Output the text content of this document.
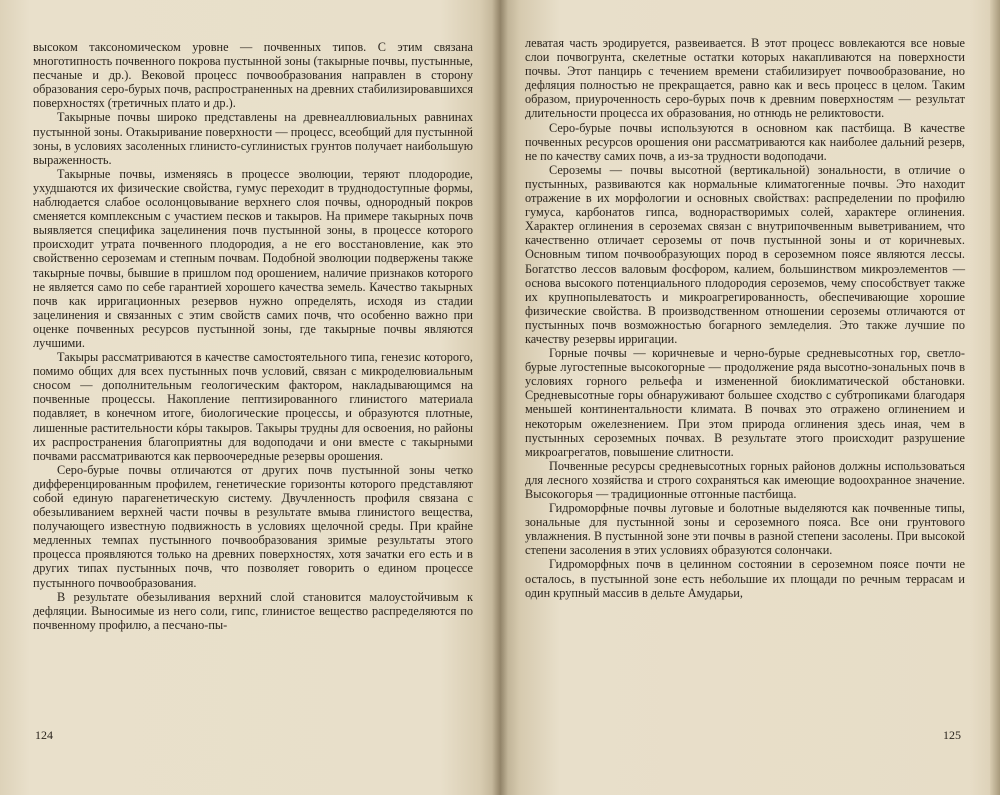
высоком таксономическом уровне — почвенных типов. С этим связана многотипность почвенного покрова пустынной зоны (такырные почвы, пустынные, песчаные и др.). Вековой процесс почвообразования направлен в сторону образования серо-бурых почв, распространенных на древних стабилизировавшихся поверхностях (третичных плато и др.).

Такырные почвы широко представлены на древнеаллювиальных равнинах пустынной зоны. Отакыривание поверхности — процесс, всеобщий для пустынной зоны, в условиях засоленных глинисто-суглинистых грунтов получает наибольшую выраженность.

Такырные почвы, изменяясь в процессе эволюции, теряют плодородие, ухудшаются их физические свойства, гумус переходит в труднодоступные формы, наблюдается слабое осолонцовывание верхнего слоя почвы, однородный покров сменяется комплексным с участием песков и такыров. На примере такырных почв выявляется специфика зацелинения почв пустынной зоны, в процессе которого происходит утрата почвенного плодородия, а не его восстановление, как это свойственно сероземам и степным почвам. Подобной эволюции подвержены также такырные почвы, бывшие в пришлом под орошением, наличие признаков которого не является само по себе гарантией хорошего качества земель. Качество такырных почв как ирригационных резервов нужно определять, исходя из стадии зацелинения и связанных с этим свойств самих почв, что особенно важно при оценке почвенных ресурсов пустынной зоны, где такырные почвы являются лучшими.

Такыры рассматриваются в качестве самостоятельного типа, генезис которого, помимо общих для всех пустынных почв условий, связан с микроделювиальным сносом — дополнительным геологическим фактором, накладывающимся на почвенные процессы. Накопление пептизированного глинистого материала подавляет, в конечном итоге, биологические процессы, и образуются плотные, лишенные растительности кóры такыров. Такыры трудны для освоения, но районы их распространения благоприятны для водоподачи и они вместе с такырными почвами рассматриваются как первоочередные резервы орошения.

Серо-бурые почвы отличаются от других почв пустынной зоны четко дифференцированным профилем, генетические горизонты которого представляют собой единую парагенетическую систему. Двучленность профиля связана с обезыливанием верхней части почвы в результате вмыва глинистого вещества, получающего известную подвижность в условиях щелочной среды. При крайне медленных темпах пустынного почвообразования зримые результаты этого процесса проявляются только на древних поверхностях, хотя зачатки его есть и в других типах пустынных почв, что позволяет говорить о едином процессе пустынного почвообразования.

В результате обезыливания верхний слой становится малоустойчивым к дефляции. Выносимые из него соли, гипс, глинистое вещество распределяются по почвенному профилю, а песчано-пы-

124

леватая часть эродируется, развеивается. В этот процесс вовлекаются все новые слои почвогрунта, скелетные остатки которых накапливаются на поверхности почвы. Этот панцирь с течением времени стабилизирует почвообразование, но дефляция полностью не прекращается, равно как и весь процесс в целом. Таким образом, приуроченность серо-бурых почв к древним поверхностям — результат длительности процесса их образования, но отнюдь не реликтовости.

Серо-бурые почвы используются в основном как пастбища. В качестве почвенных ресурсов орошения они рассматриваются как наиболее дальний резерв, не по качеству самих почв, а из-за трудности водоподачи.

Сероземы — почвы высотной (вертикальной) зональности, в отличие о пустынных, развиваются как нормальные климатогенные почвы. Это находит отражение в их морфологии и основных свойствах: распределении по профилю гумуса, карбонатов гипса, воднорастворимых солей, характере оглинения. Характер оглинения в сероземах связан с внутрипочвенным выветриванием, что качественно отличает сероземы от почв пустынной зоны и от коричневых. Основным типом почвообразующих пород в сероземном поясе являются лессы. Богатство лессов валовым фосфором, калием, большинством микроэлементов — основа высокого потенциального плодородия сероземов, чему способствует также их крупнопылеватость и микроагрегированность, обеспечивающие хорошие физические свойства. В производственном отношении сероземы отличаются от пустынных почв возможностью богарного земледелия. Это также лучшие по качеству резервы ирригации.

Горные почвы — коричневые и черно-бурые средневысотных гор, светло-бурые лугостепные высокогорные — продолжение ряда высотно-зональных почв в условиях горного рельефа и измененной биоклиматической обстановки. Средневысотные горы обнаруживают большее сходство с субтропиками благодаря меньшей континентальности климата. В почвах это отражено оглинением и некоторым ожелезнением. При этом природа оглинения здесь иная, чем в пустынных сероземных почвах. В результате этого происходит разрушение микроагрегатов, повышение слитности.

Почвенные ресурсы средневысотных горных районов должны использоваться для лесного хозяйства и строго сохраняться как имеющие водоохранное значение. Высокогорья — традиционные отгонные пастбища.

Гидроморфные почвы луговые и болотные выделяются как почвенные типы, зональные для пустынной зоны и сероземного пояса. Все они грунтового увлажнения. В пустынной зоне эти почвы в разной степени засолены. При высокой степени засоления в этих условиях образуются солончаки.

Гидроморфных почв в целинном состоянии в сероземном поясе почти не осталось, в пустынной зоне есть небольшие их площади по речным террасам и один крупный массив в дельте Амударьи,

125
